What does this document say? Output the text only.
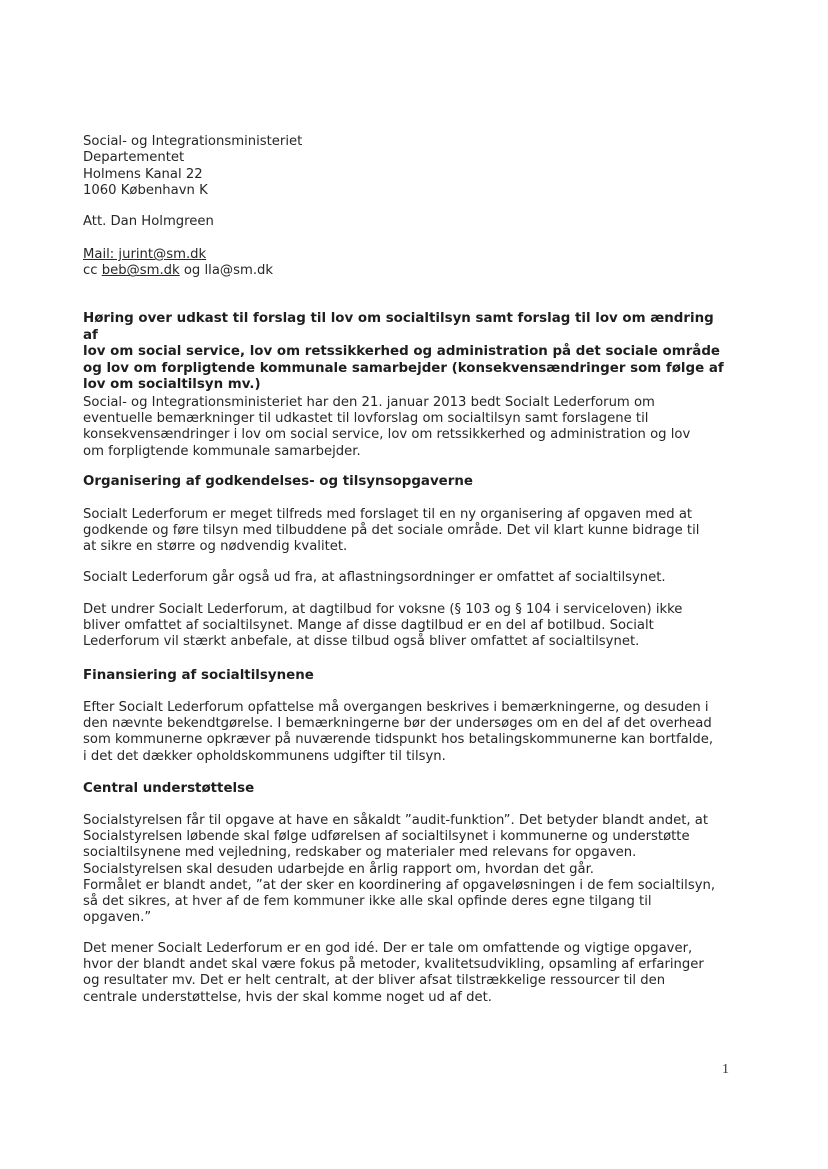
Social- og Integrationsministeriet
Departementet
Holmens Kanal 22
1060 København K
Att. Dan Holmgreen
Mail: jurint@sm.dk
cc beb@sm.dk og lla@sm.dk
Høring over udkast til forslag til lov om socialtilsyn samt forslag til lov om ændring af
lov om social service, lov om retssikkerhed og administration på det sociale område
og lov om forpligtende kommunale samarbejder (konsekvensændringer som følge af
lov om socialtilsyn mv.)
Social- og Integrationsministeriet har den 21. januar 2013 bedt Socialt Lederforum om
eventuelle bemærkninger til udkastet til lovforslag om socialtilsyn samt forslagene til
konsekvensændringer i lov om social service, lov om retssikkerhed og administration og lov
om forpligtende kommunale samarbejder.
Organisering af godkendelses- og tilsynsopgaverne
Socialt Lederforum er meget tilfreds med forslaget til en ny organisering af opgaven med at
godkende og føre tilsyn med tilbuddene på det sociale område. Det vil klart kunne bidrage til
at sikre en større og nødvendig kvalitet.
Socialt Lederforum går også ud fra, at aflastningsordninger er omfattet af socialtilsynet.
Det undrer Socialt Lederforum, at dagtilbud for voksne (§ 103 og § 104 i serviceloven) ikke
bliver omfattet af socialtilsynet. Mange af disse dagtilbud er en del af botilbud. Socialt
Lederforum vil stærkt anbefale, at disse tilbud også bliver omfattet af socialtilsynet.
Finansiering af socialtilsynene
Efter Socialt Lederforum opfattelse må overgangen beskrives i bemærkningerne, og desuden i
den nævnte bekendtgørelse. I bemærkningerne bør der undersøges om en del af det overhead
som kommunerne opkræver på nuværende tidspunkt hos betalingskommunerne kan bortfalde,
i det det dækker opholdskommunens udgifter til tilsyn.
Central understøttelse
Socialstyrelsen får til opgave at have en såkaldt ”audit-funktion”. Det betyder blandt andet, at
Socialstyrelsen løbende skal følge udførelsen af socialtilsynet i kommunerne og understøtte
socialtilsynene med vejledning, redskaber og materialer med relevans for opgaven.
Socialstyrelsen skal desuden udarbejde en årlig rapport om, hvordan det går.
Formålet er blandt andet, ”at der sker en koordinering af opgaveløsningen i de fem socialtilsyn,
så det sikres, at hver af de fem kommuner ikke alle skal opfinde deres egne tilgang til
opgaven.”
Det mener Socialt Lederforum er en god idé. Der er tale om omfattende og vigtige opgaver,
hvor der blandt andet skal være fokus på metoder, kvalitetsudvikling, opsamling af erfaringer
og resultater mv. Det er helt centralt, at der bliver afsat tilstrækkelige ressourcer til den
centrale understøttelse, hvis der skal komme noget ud af det.
1
